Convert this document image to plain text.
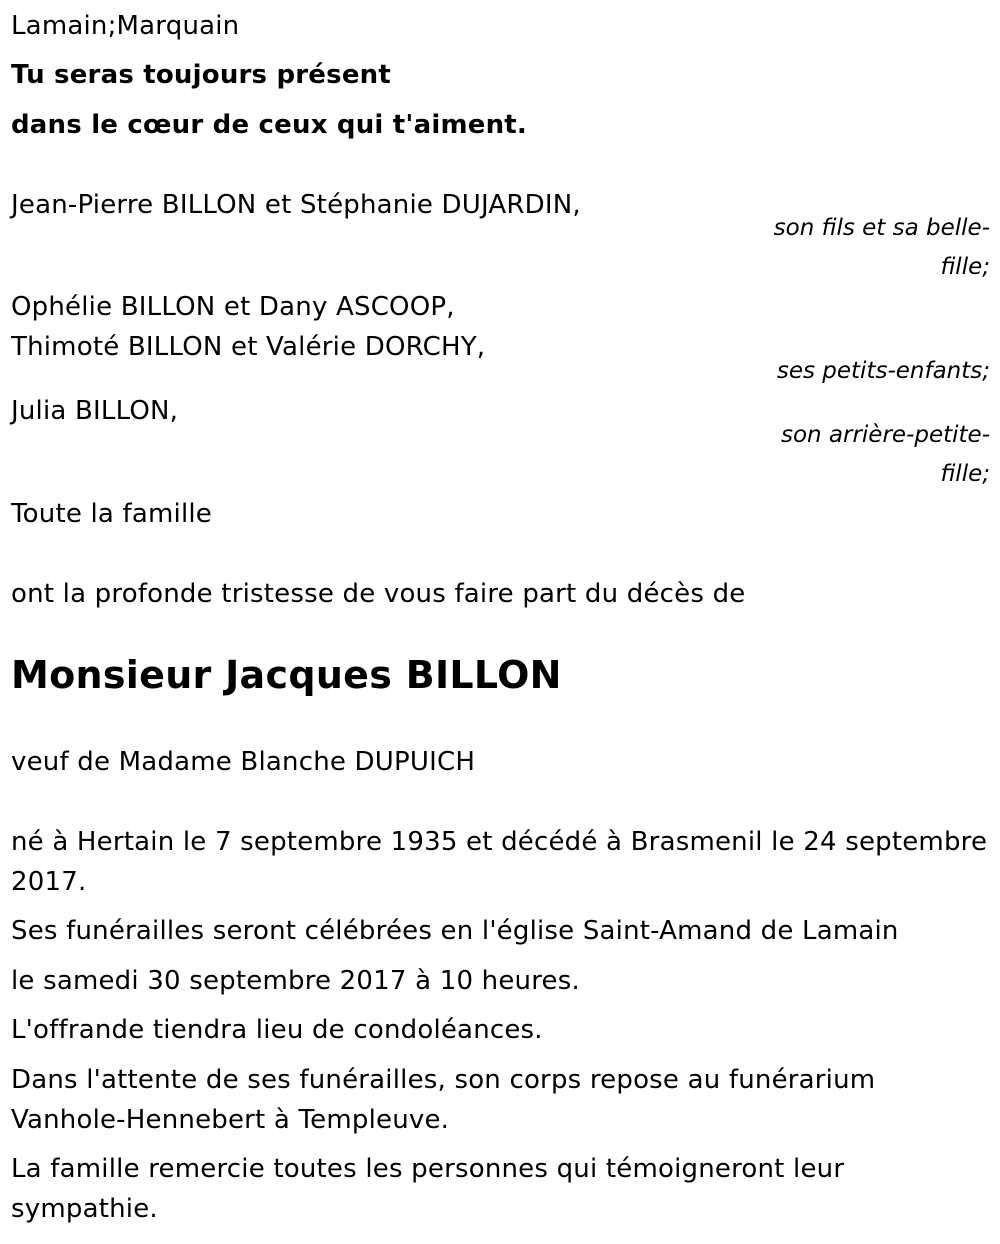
Lamain;Marquain
Tu seras toujours présent
dans le cœur de ceux qui t'aiment.
Jean-Pierre BILLON et Stéphanie DUJARDIN,
son fils et sa belle-fille;
Ophélie BILLON et Dany ASCOOP,
Thimoté BILLON et Valérie DORCHY,
ses petits-enfants;
Julia BILLON,
son arrière-petite-fille;
Toute la famille
ont la profonde tristesse de vous faire part du décès de
Monsieur Jacques BILLON
veuf de Madame Blanche DUPUICH
né à Hertain le 7 septembre 1935 et décédé à Brasmenil le 24 septembre 2017.
Ses funérailles seront célébrées en l'église Saint-Amand de Lamain
le samedi 30 septembre 2017 à 10 heures.
L'offrande tiendra lieu de condoléances.
Dans l'attente de ses funérailles, son corps repose au funérarium Vanhole-Hennebert à Templeuve.
La famille remercie toutes les personnes qui témoigneront leur sympathie.
